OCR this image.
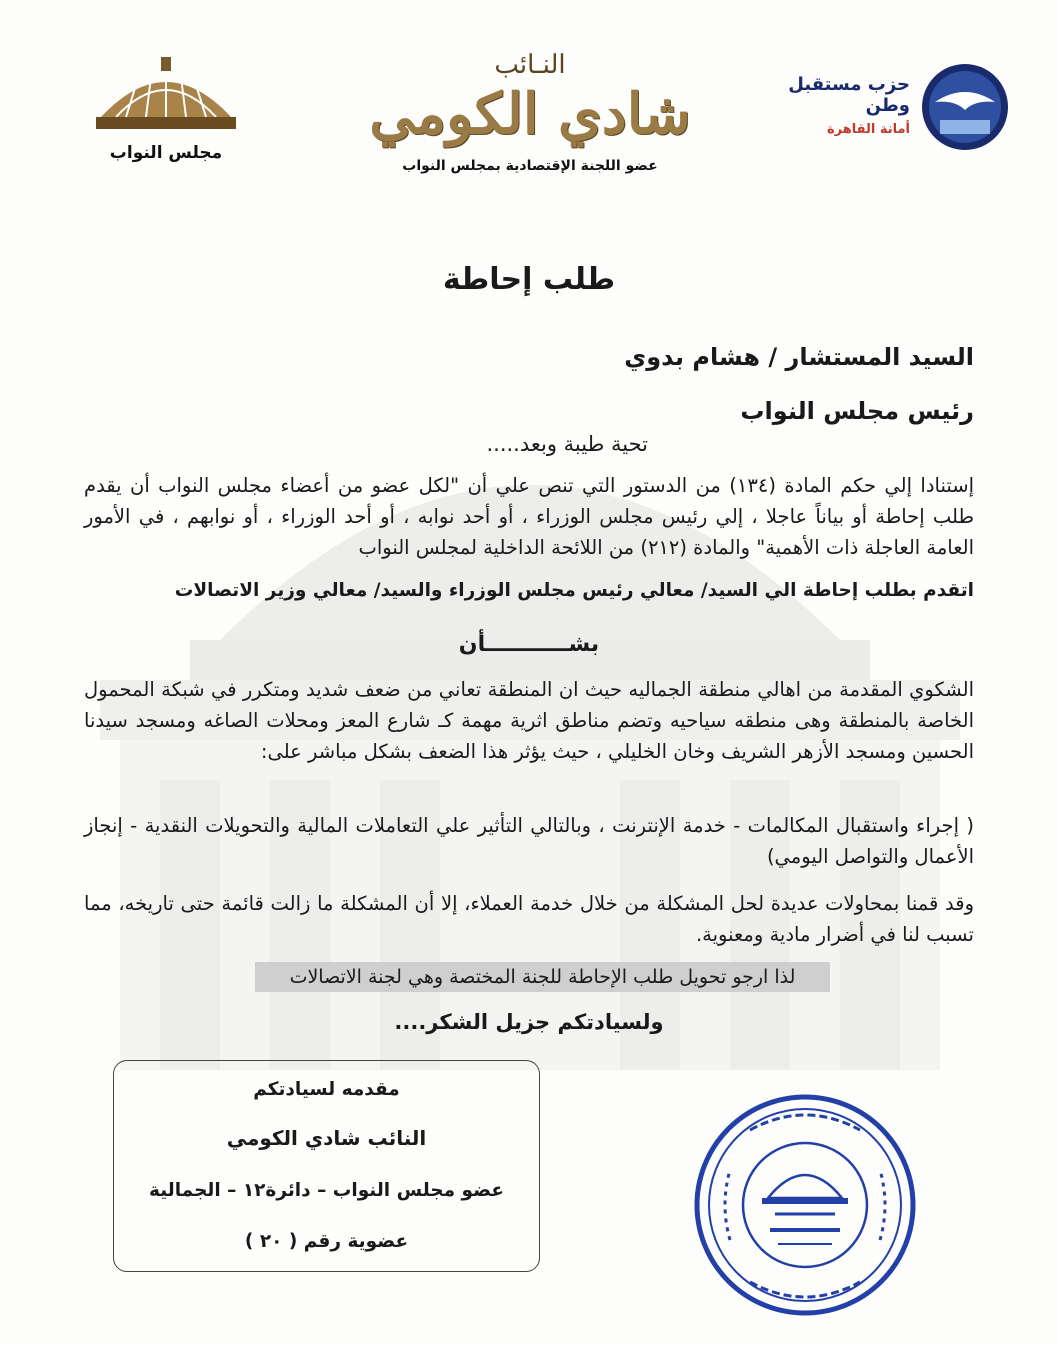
مجلس النواب
النـائب
شادي الكومي
عضو اللجنة الإقتصادية بمجلس النواب
حزب مستقبل وطن
أمانة القاهرة
طلب إحاطة
السيد المستشار / هشام بدوي
رئيس مجلس النواب
تحية طيبة وبعد.....
إستنادا إلي حكم المادة (١٣٤) من الدستور التي تنص علي أن "لكل عضو من أعضاء مجلس النواب أن يقدم طلب إحاطة أو بياناً عاجلا ، إلي رئيس مجلس الوزراء ، أو أحد نوابه ، أو أحد الوزراء ، أو نوابهم ، في الأمور العامة العاجلة ذات الأهمية" والمادة (٢١٢) من اللائحة الداخلية لمجلس النواب
اتقدم بطلب إحاطة الي السيد/ معالي رئيس مجلس الوزراء والسيد/ معالي وزير الاتصالات
بشـــــــــــأن
الشكوي المقدمة من اهالي منطقة الجماليه حيث ان المنطقة تعاني من ضعف شديد ومتكرر في شبكة المحمول الخاصة بالمنطقة وهى منطقه سياحيه وتضم مناطق اثرية مهمة كـ شارع المعز ومحلات الصاغه ومسجد سيدنا الحسين ومسجد الأزهر الشريف وخان الخليلي ، حيث يؤثر هذا الضعف بشكل مباشر على:
( إجراء واستقبال المكالمات - خدمة الإنترنت ، وبالتالي التأثير علي التعاملات المالية والتحويلات النقدية - إنجاز الأعمال والتواصل اليومي)
وقد قمنا بمحاولات عديدة لحل المشكلة من خلال خدمة العملاء، إلا أن المشكلة ما زالت قائمة حتى تاريخه، مما تسبب لنا في أضرار مادية ومعنوية.
لذا ارجو تحويل طلب الإحاطة للجنة المختصة وهي لجنة الاتصالات
ولسيادتكم جزيل الشكر....
مقدمه لسيادتكم
النائب شادي الكومي
عضو مجلس النواب – دائرة١٢ – الجمالية
عضوية رقم ( ٢٠ )
